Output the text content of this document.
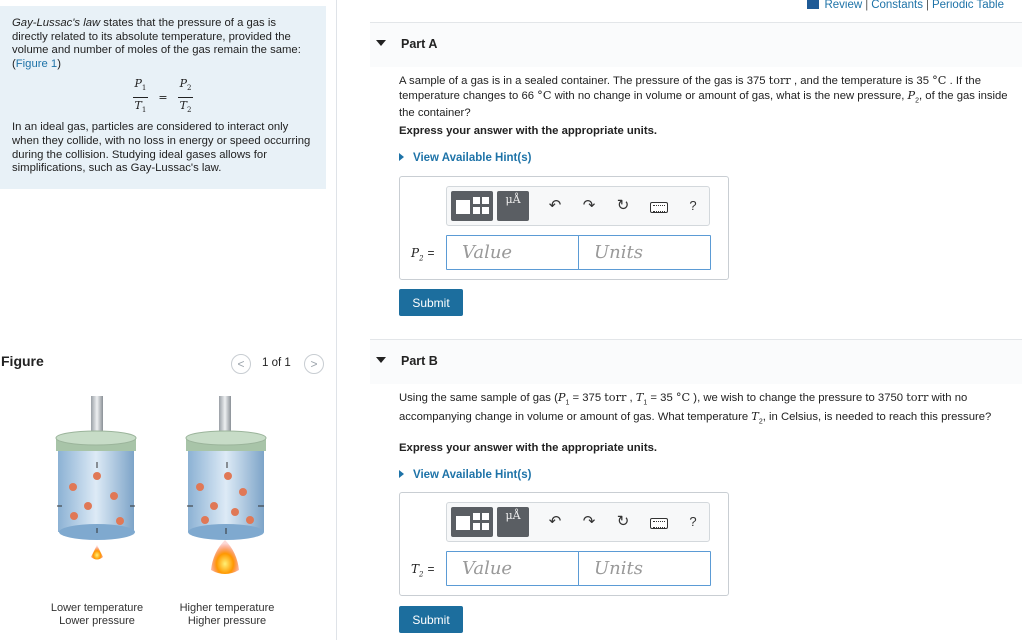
Gay-Lussac's law states that the pressure of a gas is directly related to its absolute temperature, provided the volume and number of moles of the gas remain the same: (Figure 1)

$\frac{P_1}{T_1} = \frac{P_2}{T_2}$

In an ideal gas, particles are considered to interact only when they collide, with no loss in energy or speed occurring during the collision. Studying ideal gases allows for simplifications, such as Gay-Lussac's law.

Figure	< 1 of 1 >
Lower temperature
Lower pressure
Higher temperature
Higher pressure
Review | Constants | Periodic Table
Part A
A sample of a gas is in a sealed container. The pressure of the gas is 375 torr , and the temperature is 35 °C . If the temperature changes to 66 °C with no change in volume or amount of gas, what is the new pressure, $P_2$, of the gas inside the container?
Express your answer with the appropriate units.
View Available Hint(s)
μÅ	↶ ↷ ↻	?
$P_2$ =	Value	Units
Submit
Part B
Using the same sample of gas ($P_1 = 375$ torr , $T_1 = 35$ °C ), we wish to change the pressure to 3750 torr with no accompanying change in volume or amount of gas. What temperature $T_2$, in Celsius, is needed to reach this pressure?
Express your answer with the appropriate units.
View Available Hint(s)
μÅ	↶ ↷ ↻	?
$T_2$ =	Value	Units
Submit
